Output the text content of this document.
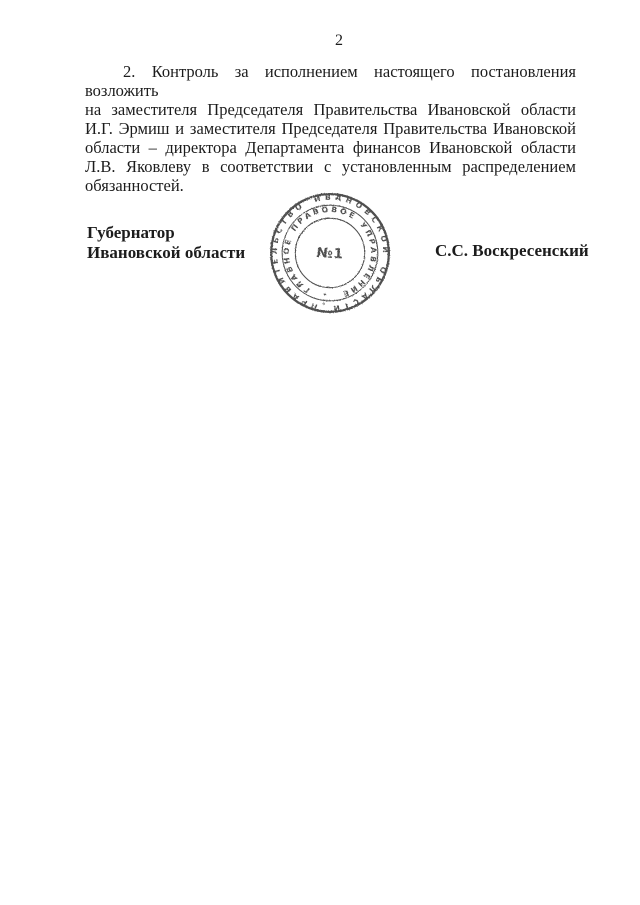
2
2. Контроль за исполнением настоящего постановления возложить
на заместителя Председателя Правительства Ивановской области
И.Г. Эрмиш и заместителя Председателя Правительства Ивановской
области – директора Департамента финансов Ивановской области
Л.В. Яковлеву в соответствии с установленным распределением
обязанностей.
Губернатор
Ивановской области	С.С. Воскресенский
ПРАВИТЕЛЬСТВО ИВАНОВСКОЙ ОБЛАСТИ
ГЛАВНОЕ ПРАВОВОЕ УПРАВЛЕНИЕ
✦
+
№1
